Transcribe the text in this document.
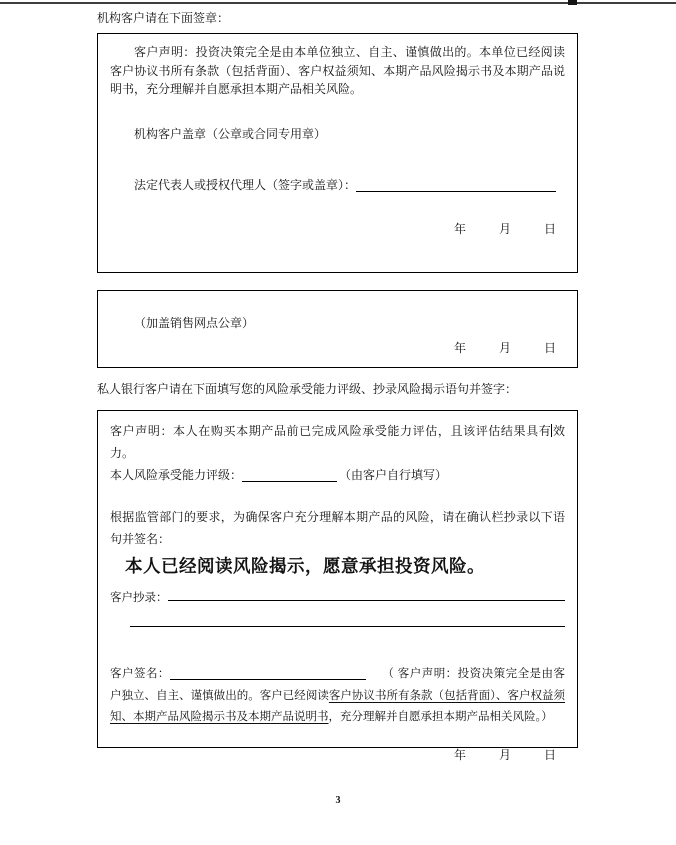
机构客户请在下面签章：

客户声明：投资决策完全是由本单位独立、自主、谨慎做出的。本单位已经阅读客户协议书所有条款（包括背面）、客户权益须知、本期产品风险揭示书及本期产品说明书，充分理解并自愿承担本期产品相关风险。

机构客户盖章（公章或合同专用章）

法定代表人或授权代理人（签字或盖章）：

年	月	日

（加盖销售网点公章）

年	月	日
私人银行客户请在下面填写您的风险承受能力评级、抄录风险揭示语句并签字：

客户声明：本人在购买本期产品前已完成风险承受能力评估，且该评估结果具有效力。

本人风险承受能力评级：	（由客户自行填写）

根据监管部门的要求，为确保客户充分理解本期产品的风险，请在确认栏抄录以下语句并签名：

本人已经阅读风险揭示，愿意承担投资风险。

客户抄录：

客户签名：	（ 客户声明：投资决策完全是由客户独立、自主、谨慎做出的。客户已经阅读客户协议书所有条款（包括背面）、客户权益须知、本期产品风险揭示书及本期产品说明书，充分理解并自愿承担本期产品相关风险。）

年	月	日
3
